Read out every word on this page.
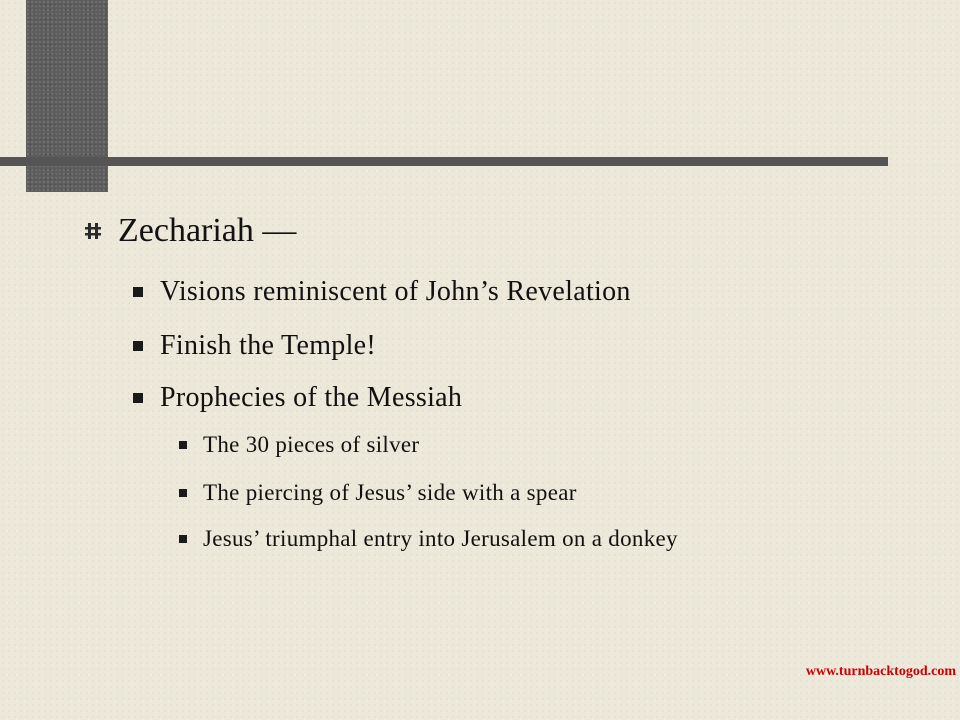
Zechariah —
Visions reminiscent of John’s Revelation
Finish the Temple!
Prophecies of the Messiah
The 30 pieces of silver
The piercing of Jesus’ side with a spear
Jesus’ triumphal entry into Jerusalem on a donkey
www.turnbacktogod.com
